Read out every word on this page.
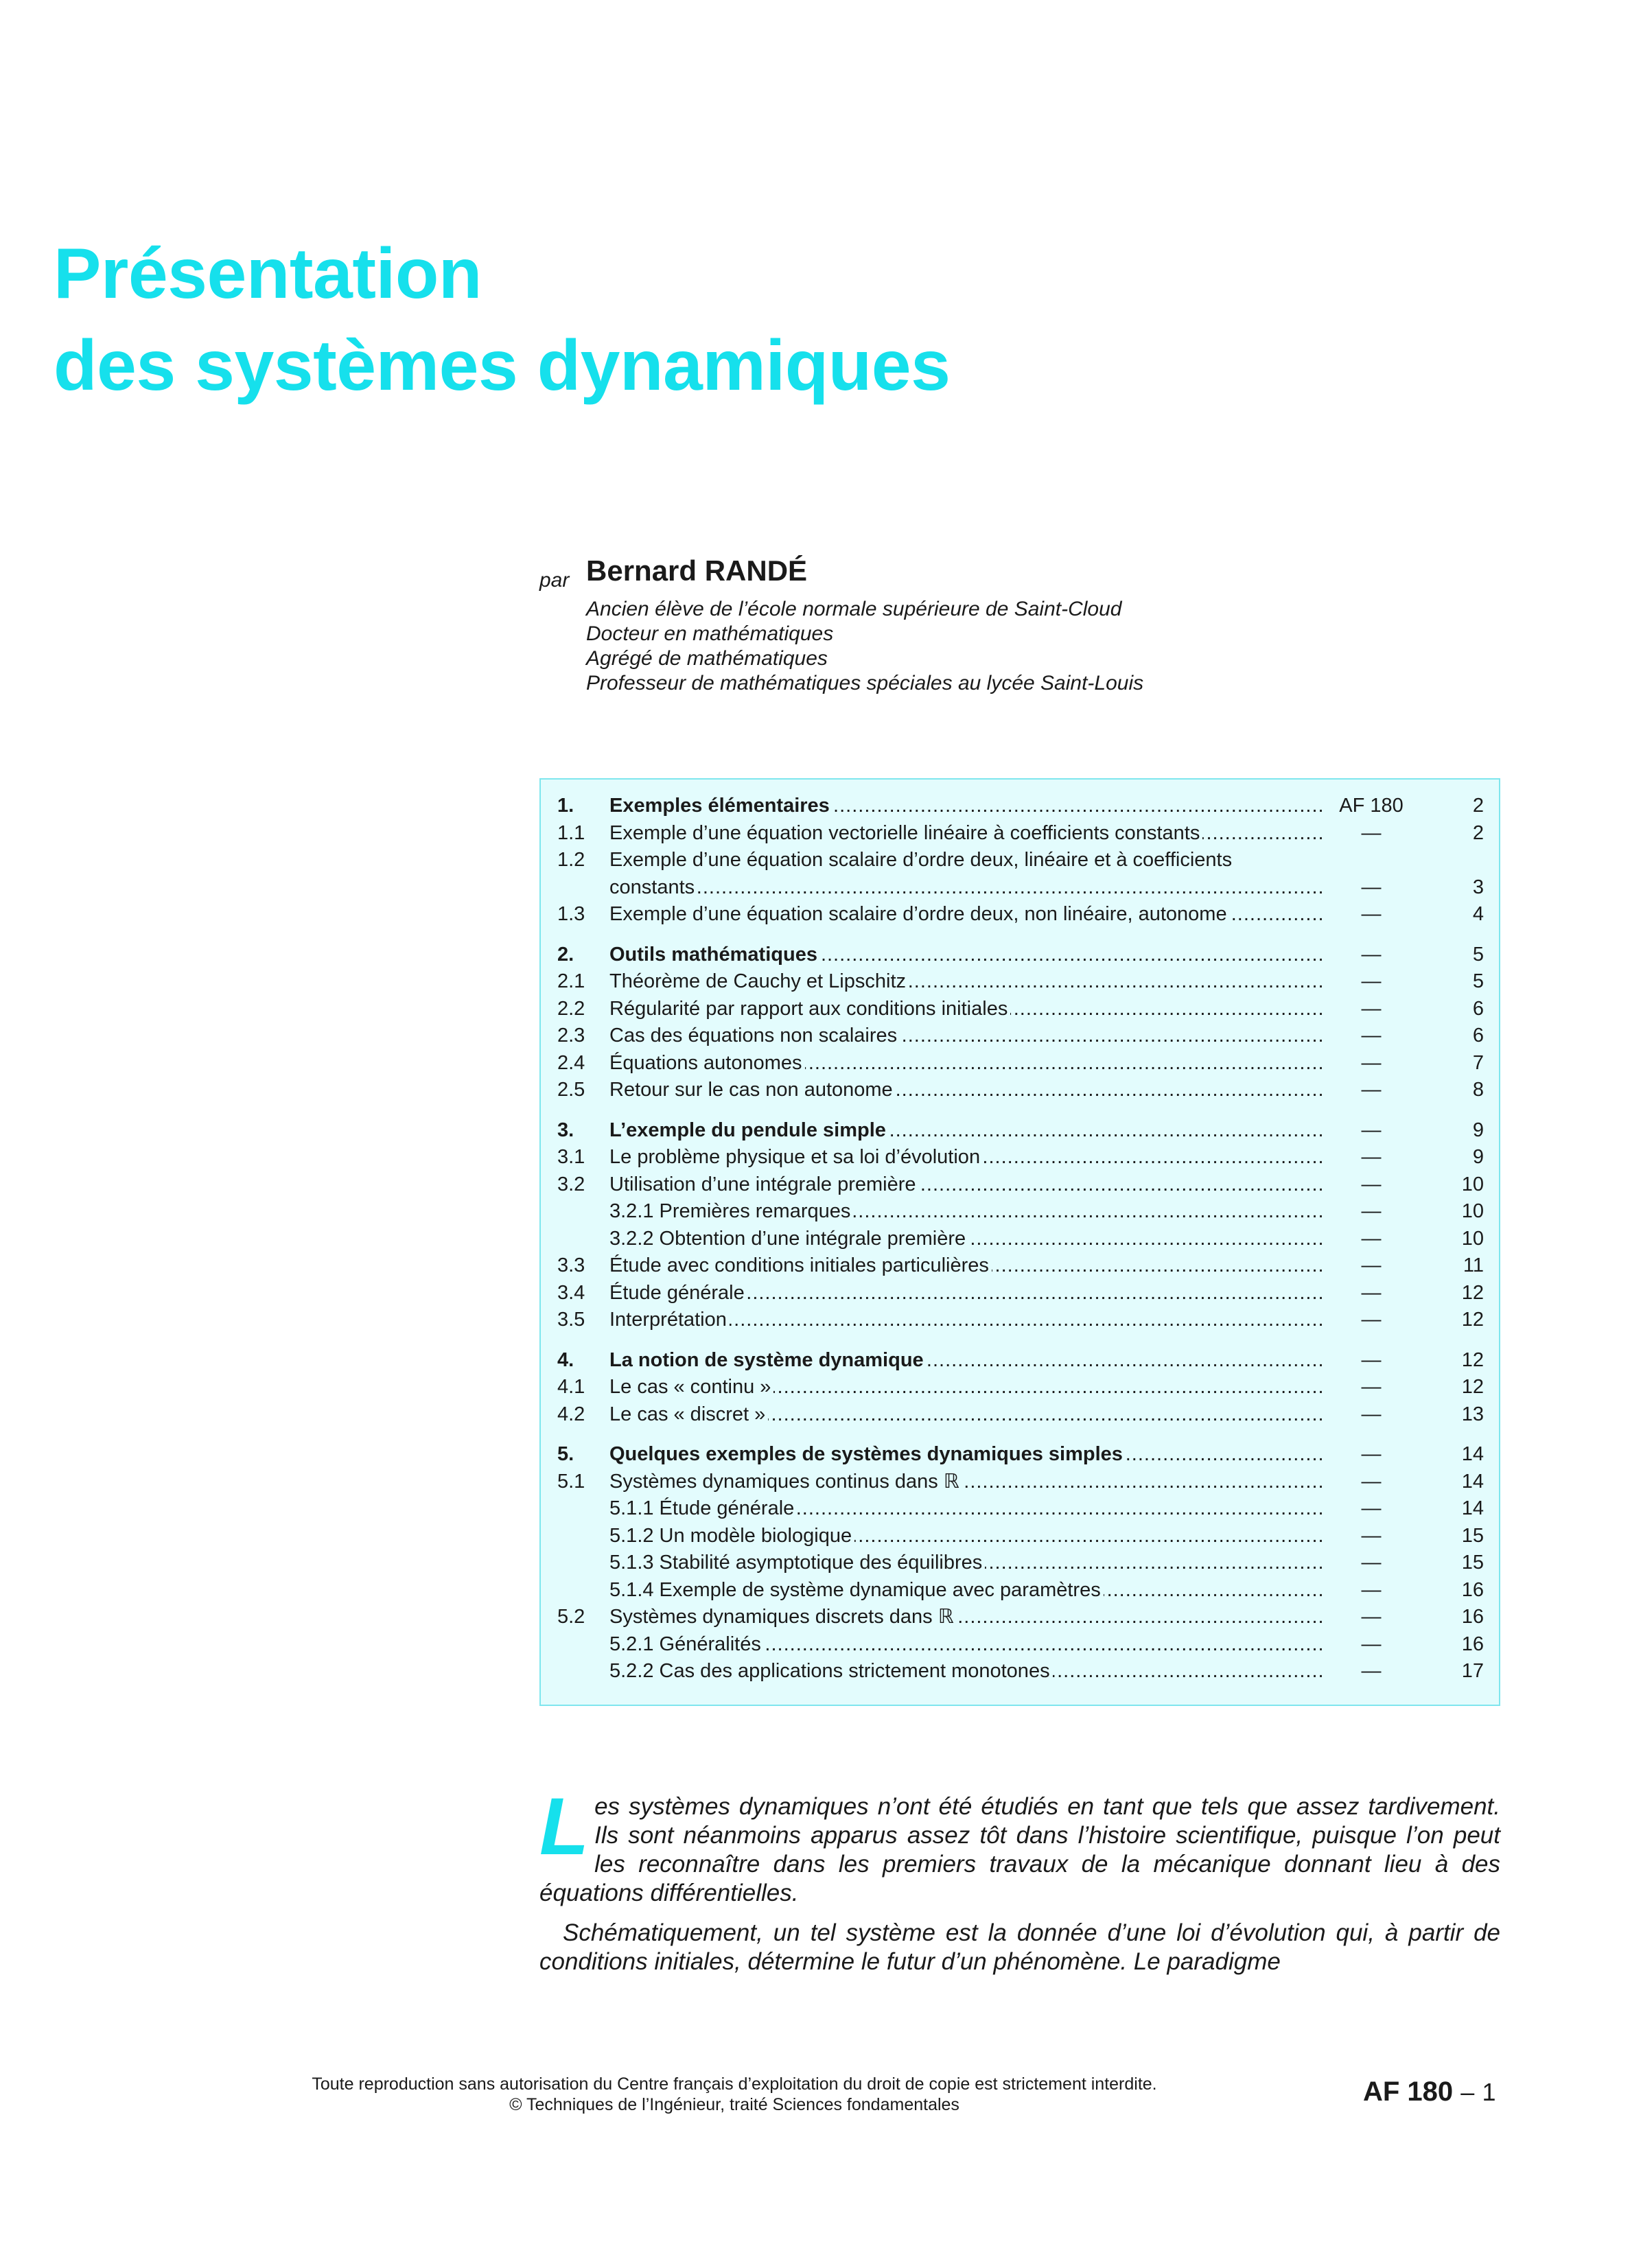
Présentation
des systèmes dynamiques
par Bernard RANDÉ
Ancien élève de l’école normale supérieure de Saint-Cloud
Docteur en mathématiques
Agrégé de mathématiques
Professeur de mathématiques spéciales au lycée Saint-Louis
1. Exemples élémentaires .....	AF 180	2
1.1 Exemple d’une équation vectorielle linéaire à coefficients constants .....	—	2
1.2 Exemple d’une équation scalaire d’ordre deux, linéaire et à coefficients
constants .....	—	3
1.3 Exemple d’une équation scalaire d’ordre deux, non linéaire, autonome .....	—	4
2. Outils mathématiques .....	—	5
2.1 Théorème de Cauchy et Lipschitz .....	—	5
2.2 Régularité par rapport aux conditions initiales .....	—	6
2.3 Cas des équations non scalaires .....	—	6
2.4 Équations autonomes .....	—	7
2.5 Retour sur le cas non autonome .....	—	8
3. L’exemple du pendule simple .....	—	9
3.1 Le problème physique et sa loi d’évolution .....	—	9
3.2 Utilisation d’une intégrale première .....	—	10
3.2.1 Premières remarques .....	—	10
3.2.2 Obtention d’une intégrale première .....	—	10
3.3 Étude avec conditions initiales particulières .....	—	11
3.4 Étude générale .....	—	12
3.5 Interprétation .....	—	12
4. La notion de système dynamique .....	—	12
4.1 Le cas « continu » .....	—	12
4.2 Le cas « discret » .....	—	13
5. Quelques exemples de systèmes dynamiques simples .....	—	14
5.1 Systèmes dynamiques continus dans ℝ .....	—	14
5.1.1 Étude générale .....	—	14
5.1.2 Un modèle biologique .....	—	15
5.1.3 Stabilité asymptotique des équilibres .....	—	15
5.1.4 Exemple de système dynamique avec paramètres .....	—	16
5.2 Systèmes dynamiques discrets dans ℝ .....	—	16
5.2.1 Généralités .....	—	16
5.2.2 Cas des applications strictement monotones .....	—	17

Les systèmes dynamiques n’ont été étudiés en tant que tels que assez tardivement. Ils sont néanmoins apparus assez tôt dans l’histoire scientifique, puisque l’on peut les reconnaître dans les premiers travaux de la mécanique donnant lieu à des équations différentielles.

Schématiquement, un tel système est la donnée d’une loi d’évolution qui, à partir de conditions initiales, détermine le futur d’un phénomène. Le paradigme

Toute reproduction sans autorisation du Centre français d’exploitation du droit de copie est strictement interdite.
© Techniques de l’Ingénieur, traité Sciences fondamentales	AF 180 – 1
